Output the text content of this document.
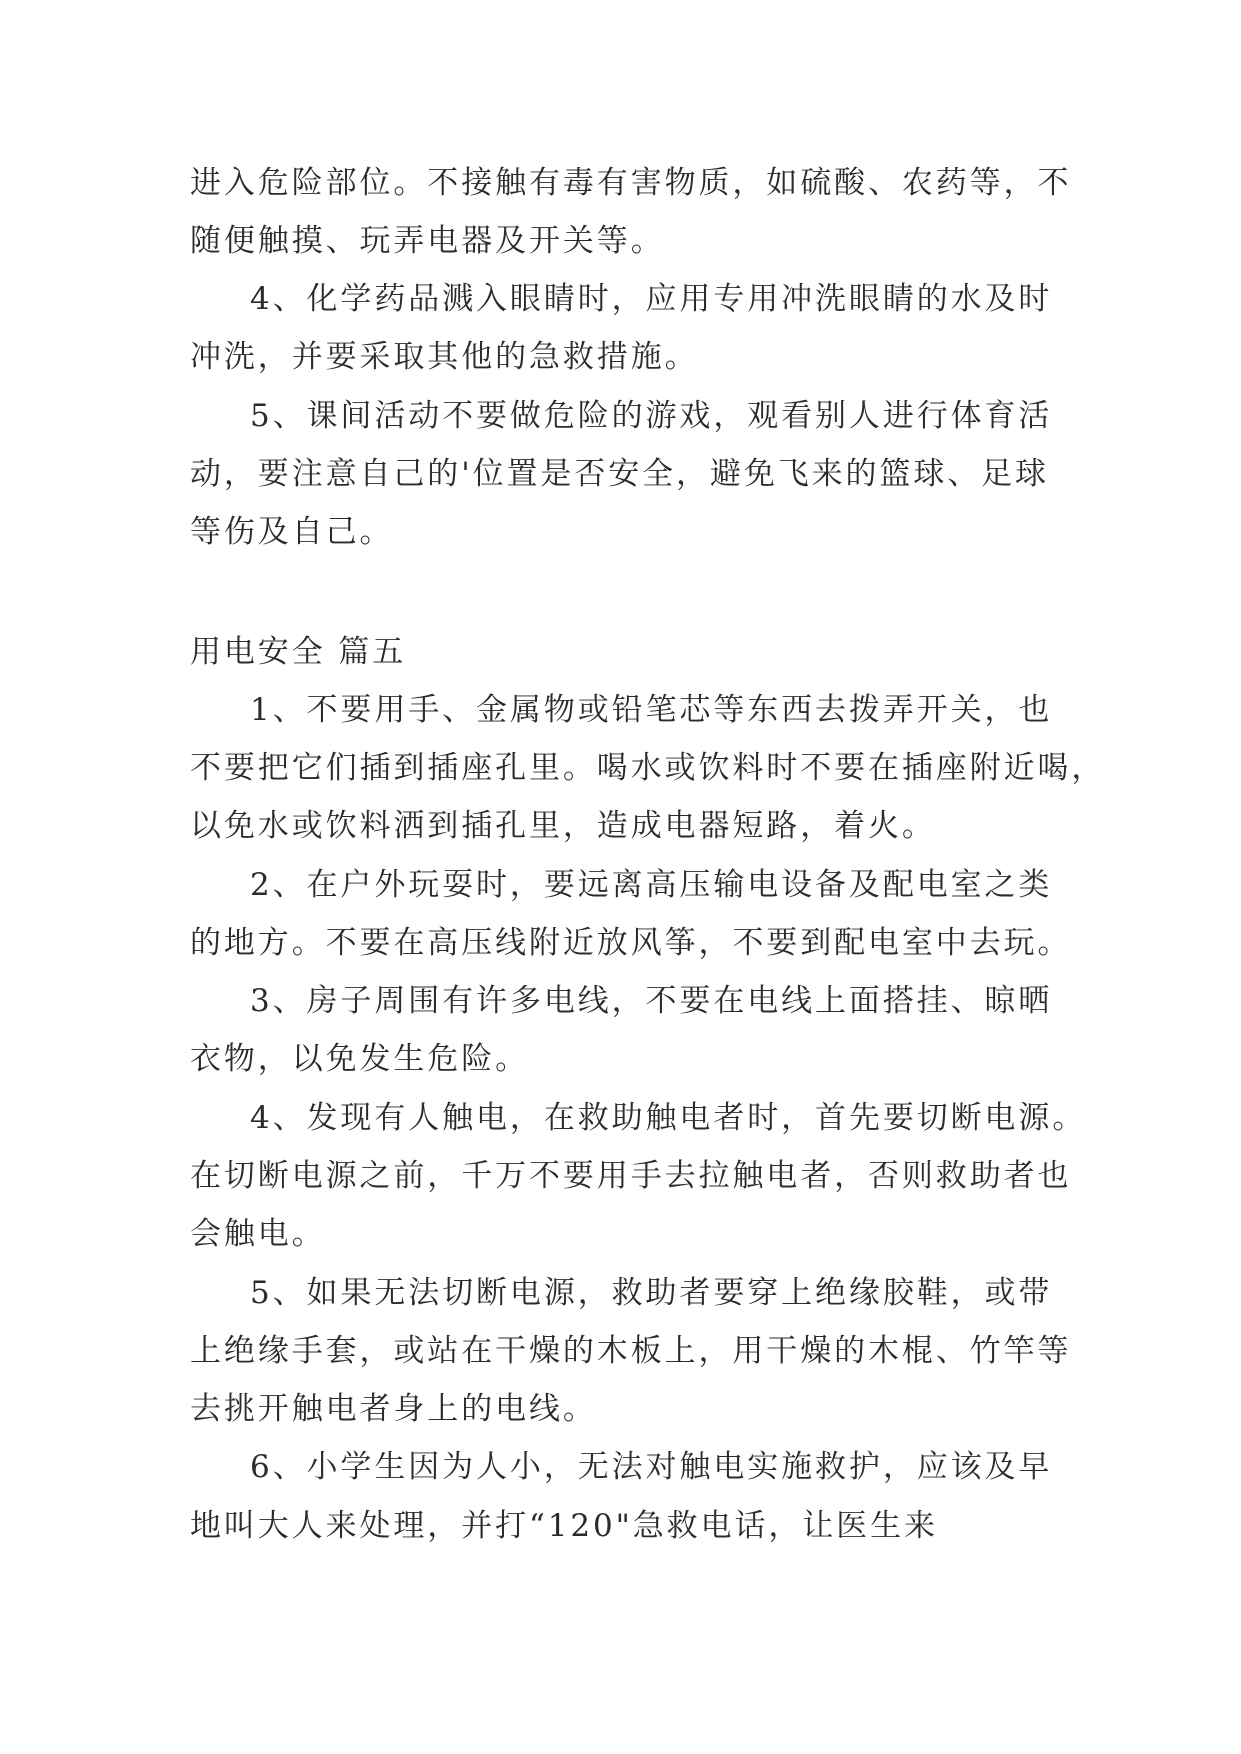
进入危险部位。不接触有毒有害物质，如硫酸、农药等，不
随便触摸、玩弄电器及开关等。
4、化学药品溅入眼睛时，应用专用冲洗眼睛的水及时
冲洗，并要采取其他的急救措施。
5、课间活动不要做危险的游戏，观看别人进行体育活
动，要注意自己的'位置是否安全，避免飞来的篮球、足球
等伤及自己。
用电安全 篇五
1、不要用手、金属物或铅笔芯等东西去拨弄开关，也
不要把它们插到插座孔里。喝水或饮料时不要在插座附近喝，
以免水或饮料洒到插孔里，造成电器短路，着火。
2、在户外玩耍时，要远离高压输电设备及配电室之类
的地方。不要在高压线附近放风筝，不要到配电室中去玩。
3、房子周围有许多电线，不要在电线上面搭挂、晾晒
衣物，以免发生危险。
4、发现有人触电，在救助触电者时，首先要切断电源。
在切断电源之前，千万不要用手去拉触电者，否则救助者也
会触电。
5、如果无法切断电源，救助者要穿上绝缘胶鞋，或带
上绝缘手套，或站在干燥的木板上，用干燥的木棍、竹竿等
去挑开触电者身上的电线。
6、小学生因为人小，无法对触电实施救护，应该及早
地叫大人来处理，并打“120"急救电话，让医生来
